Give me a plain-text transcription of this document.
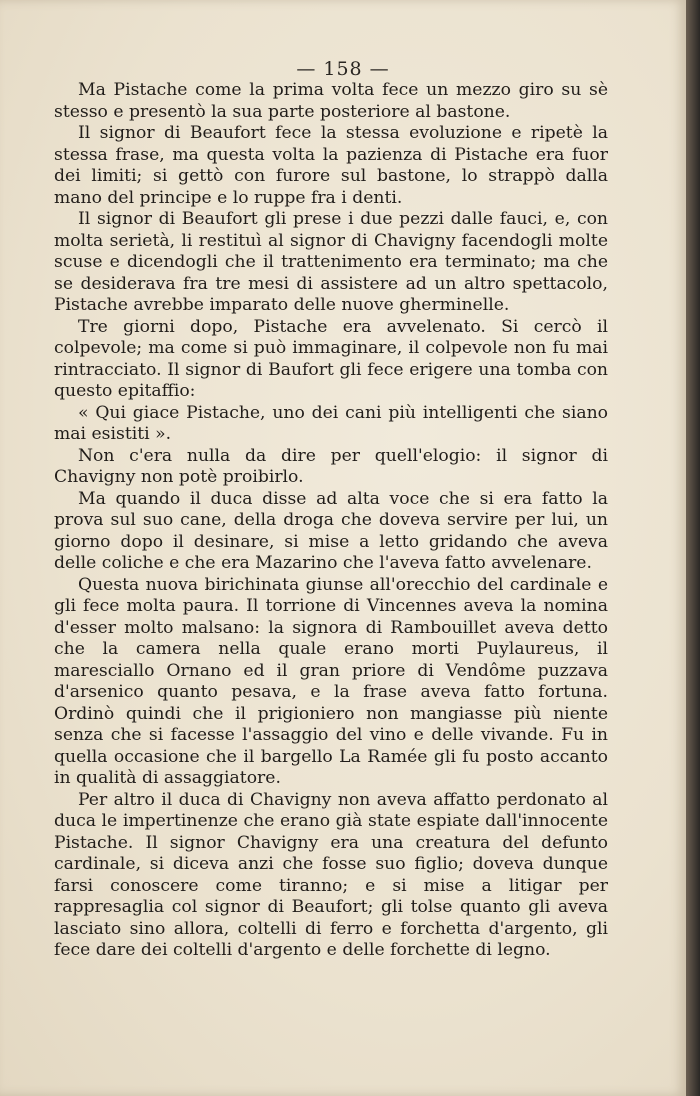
— 158 —

Ma Pistache come la prima volta fece un mezzo giro su sè stesso e presentò la sua parte posteriore al bastone.

Il signor di Beaufort fece la stessa evoluzione e ripetè la stessa frase, ma questa volta la pazienza di Pistache era fuor dei limiti; si gettò con furore sul bastone, lo strappò dalla mano del principe e lo ruppe fra i denti.

Il signor di Beaufort gli prese i due pezzi dalle fauci, e, con molta serietà, li restituì al signor di Chavigny facendogli molte scuse e dicendogli che il trattenimento era terminato; ma che se desiderava fra tre mesi di assistere ad un altro spettacolo, Pistache avrebbe imparato delle nuove gherminelle.

Tre giorni dopo, Pistache era avvelenato. Si cercò il colpevole; ma come si può immaginare, il colpevole non fu mai rintracciato. Il signor di Baufort gli fece erigere una tomba con questo epitaffio:

« Qui giace Pistache, uno dei cani più intelligenti che siano mai esistiti ».

Non c'era nulla da dire per quell'elogio: il signor di Chavigny non potè proibirlo.

Ma quando il duca disse ad alta voce che si era fatto la prova sul suo cane, della droga che doveva servire per lui, un giorno dopo il desinare, si mise a letto gridando che aveva delle coliche e che era Mazarino che l'aveva fatto avvelenare.

Questa nuova birichinata giunse all'orecchio del cardinale e gli fece molta paura. Il torrione di Vincennes aveva la nomina d'esser molto malsano: la signora di Rambouillet aveva detto che la camera nella quale erano morti Puylaureus, il maresciallo Ornano ed il gran priore di Vendôme puzzava d'arsenico quanto pesava, e la frase aveva fatto fortuna. Ordinò quindi che il prigioniero non mangiasse più niente senza che si facesse l'assaggio del vino e delle vivande. Fu in quella occasione che il bargello La Ramée gli fu posto accanto in qualità di assaggiatore.

Per altro il duca di Chavigny non aveva affatto perdonato al duca le impertinenze che erano già state espiate dall'innocente Pistache. Il signor Chavigny era una creatura del defunto cardinale, si diceva anzi che fosse suo figlio; doveva dunque farsi conoscere come tiranno; e si mise a litigar per rappresaglia col signor di Beaufort; gli tolse quanto gli aveva lasciato sino allora, coltelli di ferro e forchetta d'argento, gli fece dare dei coltelli d'argento e delle forchette di legno.
